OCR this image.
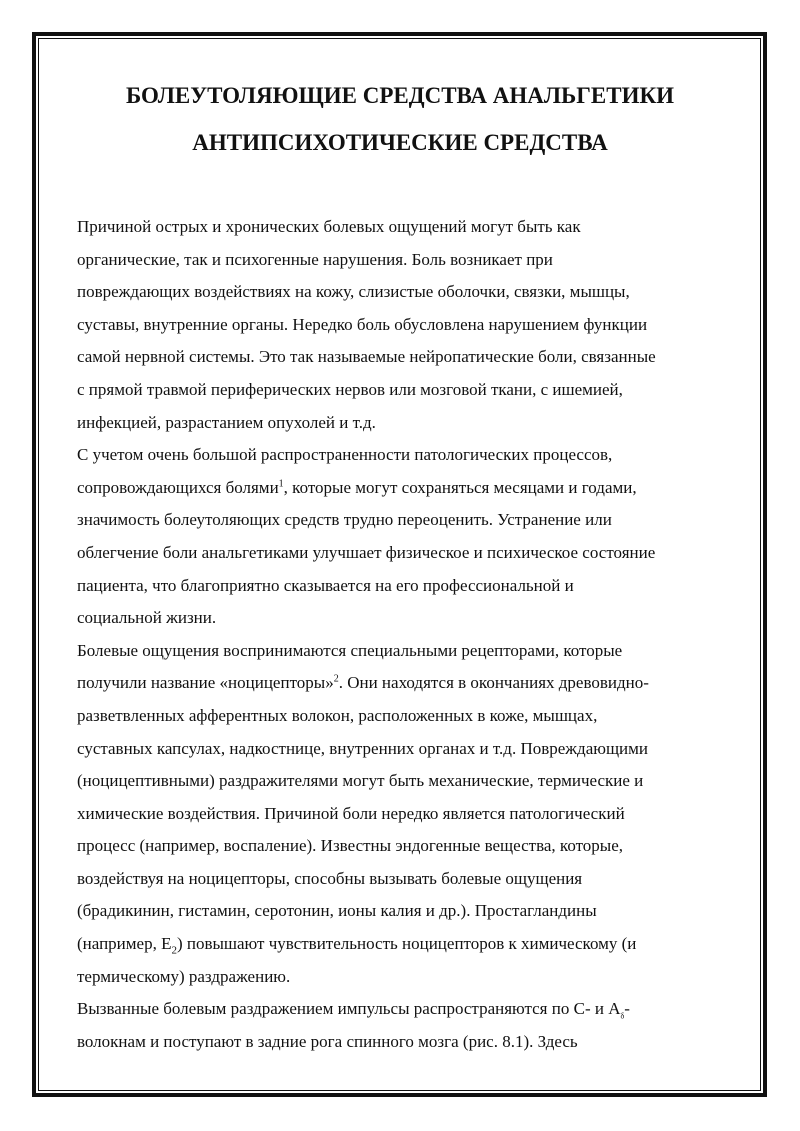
БОЛЕУТОЛЯЮЩИЕ СРЕДСТВА АНАЛЬГЕТИКИ
АНТИПСИХОТИЧЕСКИЕ СРЕДСТВА

Причиной острых и хронических болевых ощущений могут быть как
органические, так и психогенные нарушения. Боль возникает при
повреждающих воздействиях на кожу, слизистые оболочки, связки, мышцы,
суставы, внутренние органы. Нередко боль обусловлена нарушением функции
самой нервной системы. Это так называемые нейропатические боли, связанные
с прямой травмой периферических нервов или мозговой ткани, с ишемией,
инфекцией, разрастанием опухолей и т.д.

С учетом очень большой распространенности патологических процессов,
сопровождающихся болями$^1$, которые могут сохраняться месяцами и годами,
значимость болеутоляющих средств трудно переоценить. Устранение или
облегчение боли анальгетиками улучшает физическое и психическое состояние
пациента, что благоприятно сказывается на его профессиональной и
социальной жизни.

Болевые ощущения воспринимаются специальными рецепторами, которые
получили название «ноцицепторы»$^2$. Они находятся в окончаниях древовидно-
разветвленных афферентных волокон, расположенных в коже, мышцах,
суставных капсулах, надкостнице, внутренних органах и т.д. Повреждающими
(ноцицептивными) раздражителями могут быть механические, термические и
химические воздействия. Причиной боли нередко является патологический
процесс (например, воспаление). Известны эндогенные вещества, которые,
воздействуя на ноцицепторы, способны вызывать болевые ощущения
(брадикинин, гистамин, серотонин, ионы калия и др.). Простагландины
(например, $E_2$) повышают чувствительность ноцицепторов к химическому (и
термическому) раздражению.

Вызванные болевым раздражением импульсы распространяются по C- и $A_\delta-$
волокнам и поступают в задние рога спинного мозга (рис. 8.1). Здесь
